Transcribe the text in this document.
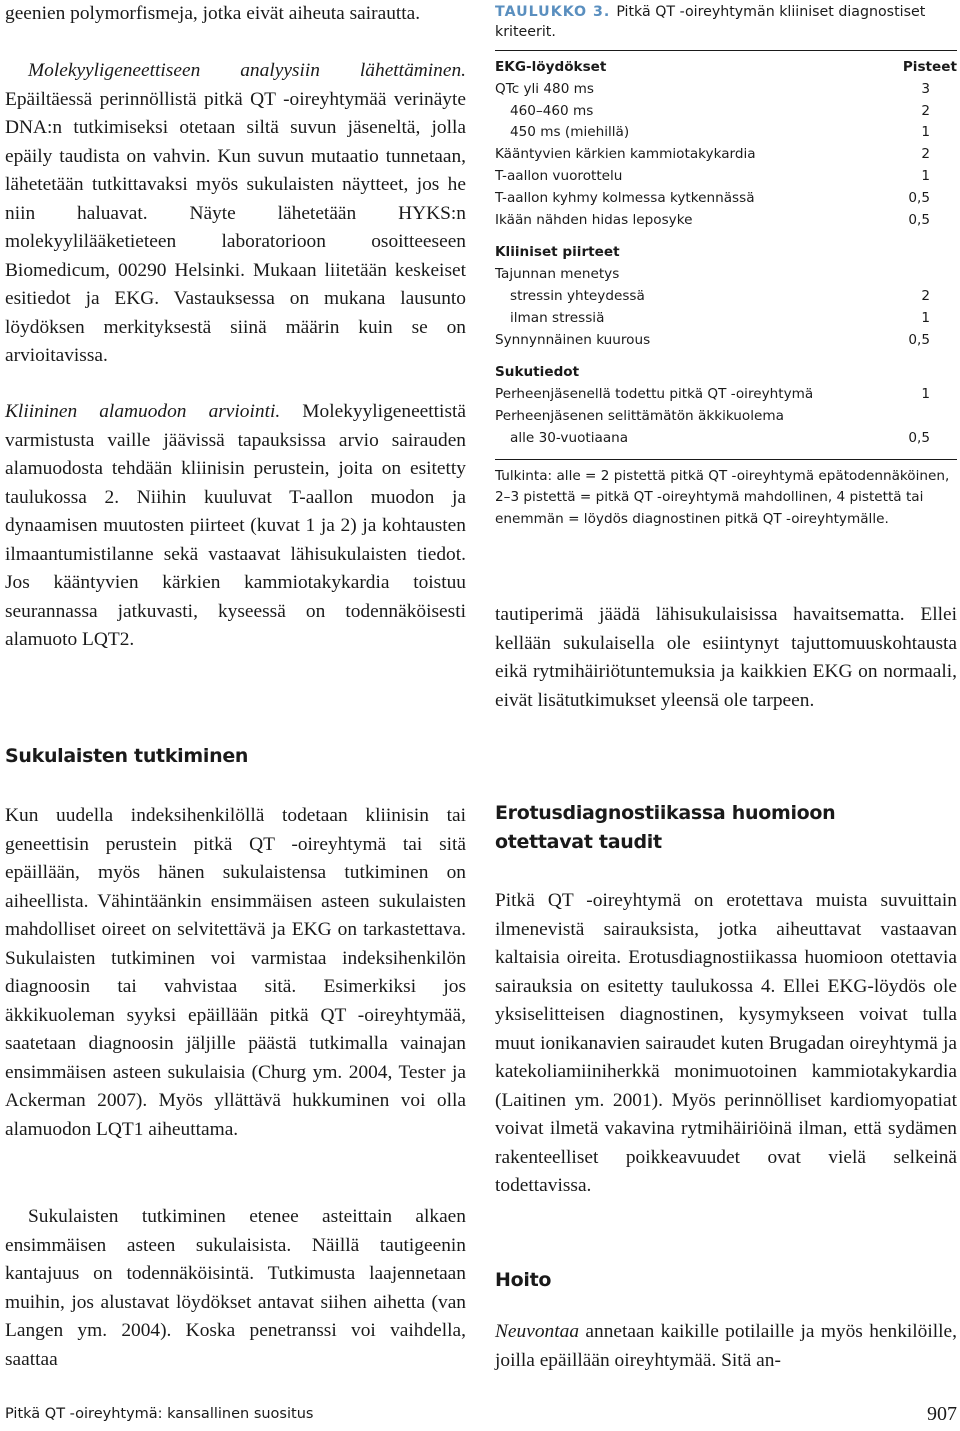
geenien polymorfismeja, jotka eivät aiheuta sairautta.

Molekyyligeneettiseen analyysiin lähettäminen. Epäiltäessä perinnöllistä pitkä QT -oireyhtymää verinäyte DNA:n tutkimiseksi otetaan siltä suvun jäseneltä, jolla epäily taudista on vahvin. Kun suvun mutaatio tunnetaan, lähetetään tutkittavaksi myös sukulaisten näytteet, jos he niin haluavat. Näyte lähetetään HYKS:n molekyylilääketieteen laboratorioon osoitteeseen Biomedicum, 00290 Helsinki. Mukaan liitetään keskeiset esitiedot ja EKG. Vastauksessa on mukana lausunto löydöksen merkityksestä siinä määrin kuin se on arvioitavissa.

Kliininen alamuodon arviointi. Molekyyligeneettistä varmistusta vaille jäävissä tapauksissa arvio sairauden alamuodosta tehdään kliinisin perustein, joita on esitetty taulukossa 2. Niihin kuuluvat T-aallon muodon ja dynaamisen muutosten piirteet (kuvat 1 ja 2) ja kohtausten ilmaantumistilanne sekä vastaavat lähisukulaisten tiedot. Jos kääntyvien kärkien kammiotakykardia toistuu seurannassa jatkuvasti, kyseessä on todennäköisesti alamuoto LQT2.

Sukulaisten tutkiminen

Kun uudella indeksihenkilöllä todetaan kliinisin tai geneettisin perustein pitkä QT -oireyhtymä tai sitä epäillään, myös hänen sukulaistensa tutkiminen on aiheellista. Vähintäänkin ensimmäisen asteen sukulaisten mahdolliset oireet on selvitettävä ja EKG on tarkastettava. Sukulaisten tutkiminen voi varmistaa indeksihenkilön diagnoosin tai vahvistaa sitä. Esimerkiksi jos äkkikuoleman syyksi epäillään pitkä QT -oireyhtymää, saatetaan diagnoosin jäljille päästä tutkimalla vainajan ensimmäisen asteen sukulaisia (Churg ym. 2004, Tester ja Ackerman 2007). Myös yllättävä hukkuminen voi olla alamuodon LQT1 aiheuttama.

Sukulaisten tutkiminen etenee asteittain alkaen ensimmäisen asteen sukulaisista. Näillä tautigeenin kantajuus on todennäköisintä. Tutkimusta laajennetaan muihin, jos alustavat löydökset antavat siihen aihetta (van Langen ym. 2004). Koska penetranssi voi vaihdella, saattaa

TAULUKKO 3. Pitkä QT -oireyhtymän kliiniset diagnostiset kriteerit.

EKG-löydökset	Pisteet
QTc yli 480 ms	3
460–460 ms	2
450 ms (miehillä)	1
Kääntyvien kärkien kammiotakykardia	2
T-aallon vuorottelu	1
T-aallon kyhmy kolmessa kytkennässä	0,5
Ikään nähden hidas leposyke	0,5
Kliiniset piirteet
Tajunnan menetys
stressin yhteydessä	2
ilman stressiä	1
Synnynnäinen kuurous	0,5
Sukutiedot
Perheenjäsenellä todettu pitkä QT -oireyhtymä	1
Perheenjäsenen selittämätön äkkikuolema
alle 30-vuotiaana	0,5

Tulkinta: alle = 2 pistettä pitkä QT -oireyhtymä epätodennäköinen, 2–3 pistettä = pitkä QT -oireyhtymä mahdollinen, 4 pistettä tai enemmän = löydös diagnostinen pitkä QT -oireyhtymälle.

tautiperimä jäädä lähisukulaisissa havaitsematta. Ellei kellään sukulaisella ole esiintynyt tajuttomuuskohtausta eikä rytmihäiriötuntemuksia ja kaikkien EKG on normaali, eivät lisätutkimukset yleensä ole tarpeen.

Erotusdiagnostiikassa huomioon otettavat taudit

Pitkä QT -oireyhtymä on erotettava muista suvuittain ilmenevistä sairauksista, jotka aiheuttavat vastaavan kaltaisia oireita. Erotusdiagnostiikassa huomioon otettavia sairauksia on esitetty taulukossa 4. Ellei EKG-löydös ole yksiselitteisen diagnostinen, kysymykseen voivat tulla muut ionikanavien sairaudet kuten Brugadan oireyhtymä ja katekoliamiiniherkkä monimuotoinen kammiotakykardia (Laitinen ym. 2001). Myös perinnölliset kardiomyopatiat voivat ilmetä vakavina rytmihäiriöinä ilman, että sydämen rakenteelliset poikkeavuudet ovat vielä selkeinä todettavissa.

Hoito

Neuvontaa annetaan kaikille potilaille ja myös henkilöille, joilla epäillään oireyhtymää. Sitä an-

Pitkä QT -oireyhtymä: kansallinen suositus	907
